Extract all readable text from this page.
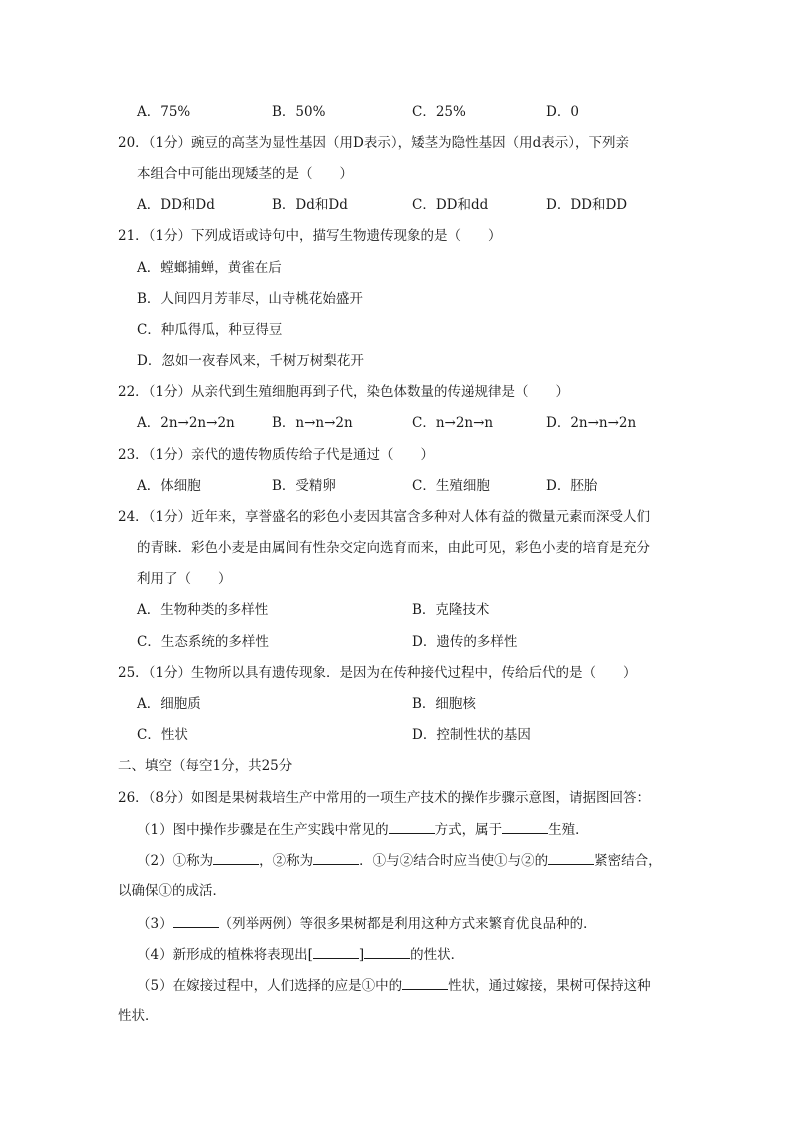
A．75%	B．50%	C．25%	D．0
20．（1分）豌豆的高茎为显性基因（用D表示），矮茎为隐性基因（用d表示），下列亲
本组合中可能出现矮茎的是（　　）
A．DD和Dd	B．Dd和Dd	C．DD和dd	D．DD和DD
21．（1分）下列成语或诗句中，描写生物遗传现象的是（　　）
A．螳螂捕蝉，黄雀在后
B．人间四月芳菲尽，山寺桃花始盛开
C．种瓜得瓜，种豆得豆
D．忽如一夜春风来，千树万树梨花开
22．（1分）从亲代到生殖细胞再到子代，染色体数量的传递规律是（　　）
A．2n→2n→2n	B．n→n→2n	C．n→2n→n	D．2n→n→2n
23．（1分）亲代的遗传物质传给子代是通过（　　）
A．体细胞	B．受精卵	C．生殖细胞	D．胚胎
24．（1分）近年来，享誉盛名的彩色小麦因其富含多种对人体有益的微量元素而深受人们
的青睐．彩色小麦是由属间有性杂交定向选育而来，由此可见，彩色小麦的培育是充分
利用了（　　）
A．生物种类的多样性	B．克隆技术
C．生态系统的多样性	D．遗传的多样性
25．（1分）生物所以具有遗传现象．是因为在传种接代过程中，传给后代的是（　　）
A．细胞质	B．细胞核
C．性状	D．控制性状的基因
二、填空（每空1分，共25分
26．（8分）如图是果树栽培生产中常用的一项生产技术的操作步骤示意图，请据图回答：
（1）图中操作步骤是在生产实践中常见的	方式，属于	生殖．
（2）①称为	，②称为	．①与②结合时应当使①与②的	紧密结合，
以确保①的成活．
（3）	（列举两例）等很多果树都是利用这种方式来繁育优良品种的．
（4）新形成的植株将表现出[	]	的性状．
（5）在嫁接过程中，人们选择的应是①中的	性状，通过嫁接，果树可保持这种
性状．
